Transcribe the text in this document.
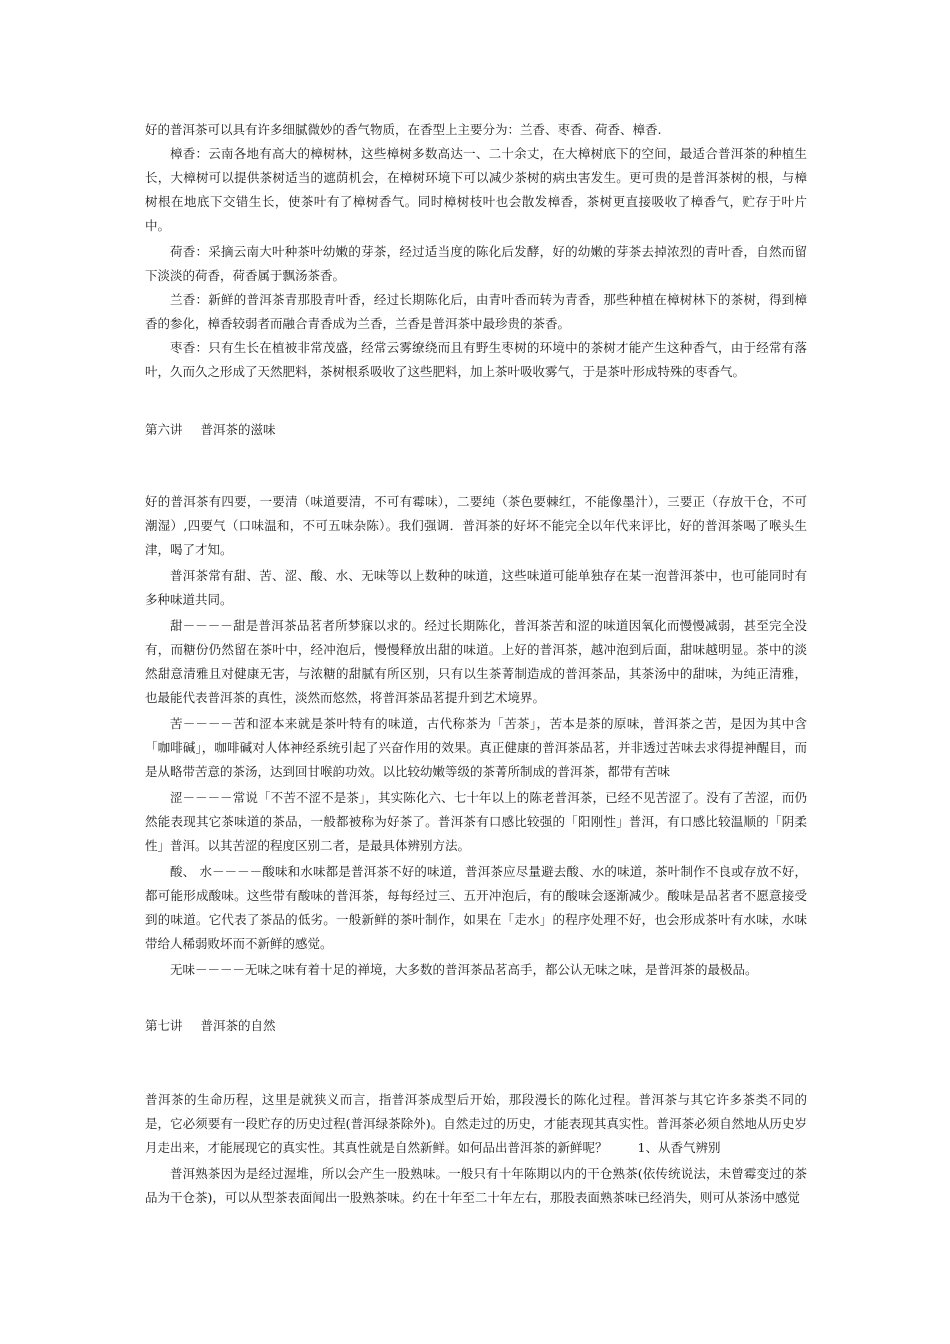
好的普洱茶可以具有许多细腻微妙的香气物质，在香型上主要分为：兰香、枣香、荷香、樟香.

樟香：云南各地有高大的樟树林，这些樟树多数高达一、二十余丈，在大樟树底下的空间，最适合普洱茶的种植生长，大樟树可以提供茶树适当的遮荫机会，在樟树环境下可以减少茶树的病虫害发生。更可贵的是普洱茶树的根，与樟树根在地底下交错生长，使茶叶有了樟树香气。同时樟树枝叶也会散发樟香，茶树更直接吸收了樟香气，贮存于叶片中。

荷香：采摘云南大叶种茶叶幼嫩的芽茶，经过适当度的陈化后发酵，好的幼嫩的芽茶去掉浓烈的青叶香，自然而留下淡淡的荷香，荷香属于飘汤茶香。

兰香：新鲜的普洱茶青那股青叶香，经过长期陈化后，由青叶香而转为青香，那些种植在樟树林下的茶树，得到樟香的参化，樟香较弱者而融合青香成为兰香，兰香是普洱茶中最珍贵的茶香。

枣香：只有生长在植被非常茂盛，经常云雾缭绕而且有野生枣树的环境中的茶树才能产生这种香气，由于经常有落叶，久而久之形成了天然肥料，茶树根系吸收了这些肥料，加上茶叶吸收雾气，于是茶叶形成特殊的枣香气。

第六讲 普洱茶的滋味

好的普洱茶有四要，一要清（味道要清，不可有霉味），二要纯（茶色要棘红，不能像墨汁），三要正（存放干仓，不可潮湿）,四要气（口味温和，不可五味杂陈）。我们强调．普洱茶的好坏不能完全以年代来评比，好的普洱茶喝了喉头生津，喝了才知。

普洱茶常有甜、苦、涩、酸、水、无味等以上数种的味道，这些味道可能单独存在某一泡普洱茶中，也可能同时有多种味道共同。

甜－－－－甜是普洱茶品茗者所梦寐以求的。经过长期陈化，普洱茶苦和涩的味道因氧化而慢慢减弱，甚至完全没有，而糖份仍然留在茶叶中，经冲泡后，慢慢释放出甜的味道。上好的普洱茶，越冲泡到后面，甜味越明显。茶中的淡然甜意清雅且对健康无害，与浓糖的甜腻有所区别，只有以生茶菁制造成的普洱茶品，其茶汤中的甜味，为纯正清雅，也最能代表普洱茶的真性，淡然而悠然，将普洱茶品茗提升到艺术境界。

苦－－－－苦和涩本来就是茶叶特有的味道，古代称茶为「苦茶」，苦本是茶的原味，普洱茶之苦，是因为其中含「咖啡碱」，咖啡碱对人体神经系统引起了兴奋作用的效果。真正健康的普洱茶品茗，并非透过苦味去求得提神醒目，而是从略带苦意的茶汤，达到回甘喉韵功效。以比较幼嫩等级的茶菁所制成的普洱茶，都带有苦味

涩－－－－常说「不苦不涩不是茶」，其实陈化六、七十年以上的陈老普洱茶，已经不见苦涩了。没有了苦涩，而仍然能表现其它茶味道的茶品，一般都被称为好茶了。普洱茶有口感比较强的「阳刚性」普洱，有口感比较温顺的「阴柔性」普洱。以其苦涩的程度区别二者，是最具体辨别方法。

酸、 水－－－－酸味和水味都是普洱茶不好的味道，普洱茶应尽量避去酸、水的味道，茶叶制作不良或存放不好，都可能形成酸味。这些带有酸味的普洱茶，每每经过三、五开冲泡后，有的酸味会逐渐减少。酸味是品茗者不愿意接受到的味道。它代表了茶品的低劣。一般新鲜的茶叶制作，如果在「走水」的程序处理不好，也会形成茶叶有水味，水味带给人稀弱败坏而不新鲜的感觉。

无味－－－－无味之味有着十足的禅境，大多数的普洱茶品茗高手，都公认无味之味，是普洱茶的最极品。

第七讲 普洱茶的自然

普洱茶的生命历程，这里是就狭义而言，指普洱茶成型后开始，那段漫长的陈化过程。普洱茶与其它许多茶类不同的是，它必须要有一段贮存的历史过程(普洱绿茶除外)。自然走过的历史，才能表现其真实性。普洱茶必须自然地从历史岁月走出来，才能展现它的真实性。其真性就是自然新鲜。如何品出普洱茶的新鲜呢？ 1、从香气辨别

普洱熟茶因为是经过渥堆，所以会产生一股熟味。一般只有十年陈期以内的干仓熟茶(依传统说法，未曾霉变过的茶品为干仓茶)，可以从型茶表面闻出一股熟茶味。约在十年至二十年左右，那股表面熟茶味已经消失，则可从茶汤中感觉
